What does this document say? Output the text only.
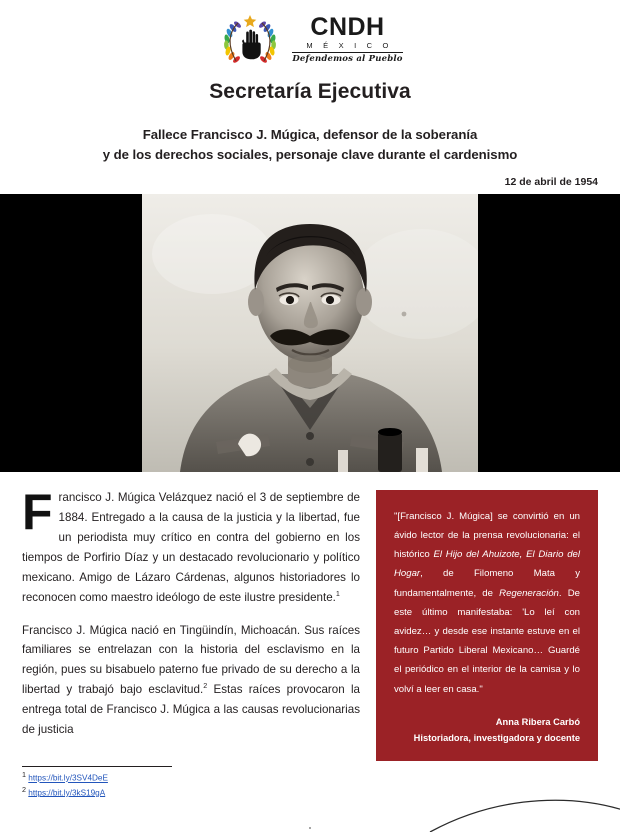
CNDH
M É X I C O
Defendemos al Pueblo
Secretaría Ejecutiva
Fallece Francisco J. Múgica, defensor de la soberanía
y de los derechos sociales, personaje clave durante el cardenismo
12 de abril de 1954

"[Francisco J. Múgica] se convirtió en un ávido lector de la prensa revolucionaria: el histórico El Hijo del Ahuizote, El Diario del Hogar, de Filomeno Mata y fundamentalmente, de Regeneración. De este último manifestaba: 'Lo leí con avidez… y desde ese instante estuve en el futuro Partido Liberal Mexicano… Guardé el periódico en el interior de la camisa y lo volví a leer en casa."

Anna Ribera Carbó
Historiadora, investigadora y docente

Francisco J. Múgica Velázquez nació el 3 de septiembre de 1884. Entregado a la causa de la justicia y la libertad, fue un periodista muy crítico en contra del gobierno en los tiempos de Porfirio Díaz y un destacado revolucionario y político mexicano. Amigo de Lázaro Cárdenas, algunos historiadores lo reconocen como maestro ideólogo de este ilustre presidente.$^1$

Francisco J. Múgica nació en Tingüindín, Michoacán. Sus raíces familiares se entrelazan con la historia del esclavismo en la región, pues su bisabuelo paterno fue privado de su derecho a la libertad y trabajó bajo esclavitud.$^2$ Estas raíces provocaron la entrega total de Francisco J. Múgica a las causas revolucionarias de justicia

$^1$ https://bit.ly/3SV4DeE
$^2$ https://bit.ly/3kS19gA
